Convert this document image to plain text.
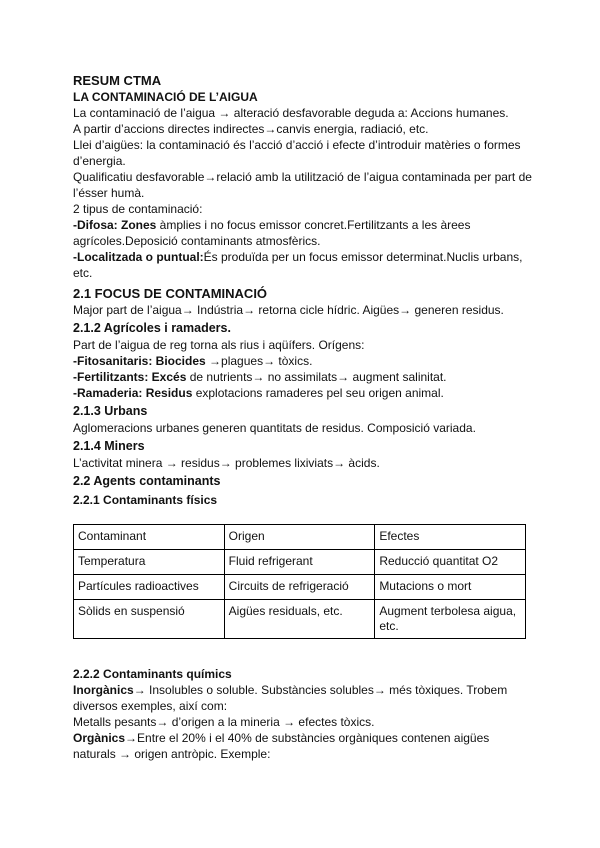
RESUM CTMA

LA CONTAMINACIÓ DE L’AIGUA

La contaminació de l’aigua → alteració desfavorable deguda a: Accions humanes.

A partir d’accions directes indirectes→canvis energia, radiació, etc.

Llei d’aigües: la contaminació és l’acció d’acció i efecte d’introduir matèries o formes d’energia.

Qualificatiu desfavorable→relació amb la utilització de l’aigua contaminada per part de l’ésser humà.

2 tipus de contaminació:

-Difosa: Zones àmplies i no focus emissor concret.Fertilitzants a les àrees agrícoles.Deposició contaminants atmosfèrics.

-Localitzada o puntual:És produïda per un focus emissor determinat.Nuclis urbans, etc.

2.1 FOCUS DE CONTAMINACIÓ

Major part de l’aigua→ Indústria→ retorna cicle hídric. Aigües→ generen residus.

2.1.2 Agrícoles i ramaders.

Part de l’aigua de reg torna als rius i aqüífers. Orígens:

-Fitosanitaris: Biocides →plagues→ tòxics.

-Fertilitzants: Excés de nutrients→ no assimilats→ augment salinitat.

-Ramaderia: Residus explotacions ramaderes pel seu origen animal.

2.1.3 Urbans

Aglomeracions urbanes generen quantitats de residus. Composició variada.

2.1.4 Miners

L’activitat minera → residus→ problemes lixiviats→ àcids.

2.2 Agents contaminants

2.2.1 Contaminants físics

Contaminant	Origen	Efectes
Temperatura	Fluid refrigerant	Reducció quantitat O2
Partícules radioactives	Circuits de refrigeració	Mutacions o mort
Sòlids en suspensió	Aigües residuals, etc.	Augment terbolesa aigua, etc.

2.2.2 Contaminants químics

Inorgànics→ Insolubles o soluble. Substàncies solubles→ més tòxiques. Trobem diversos exemples, així com:

Metalls pesants→ d’origen a la mineria → efectes tòxics.

Orgànics→Entre el 20% i el 40% de substàncies orgàniques contenen aigües naturals → origen antròpic. Exemple:
